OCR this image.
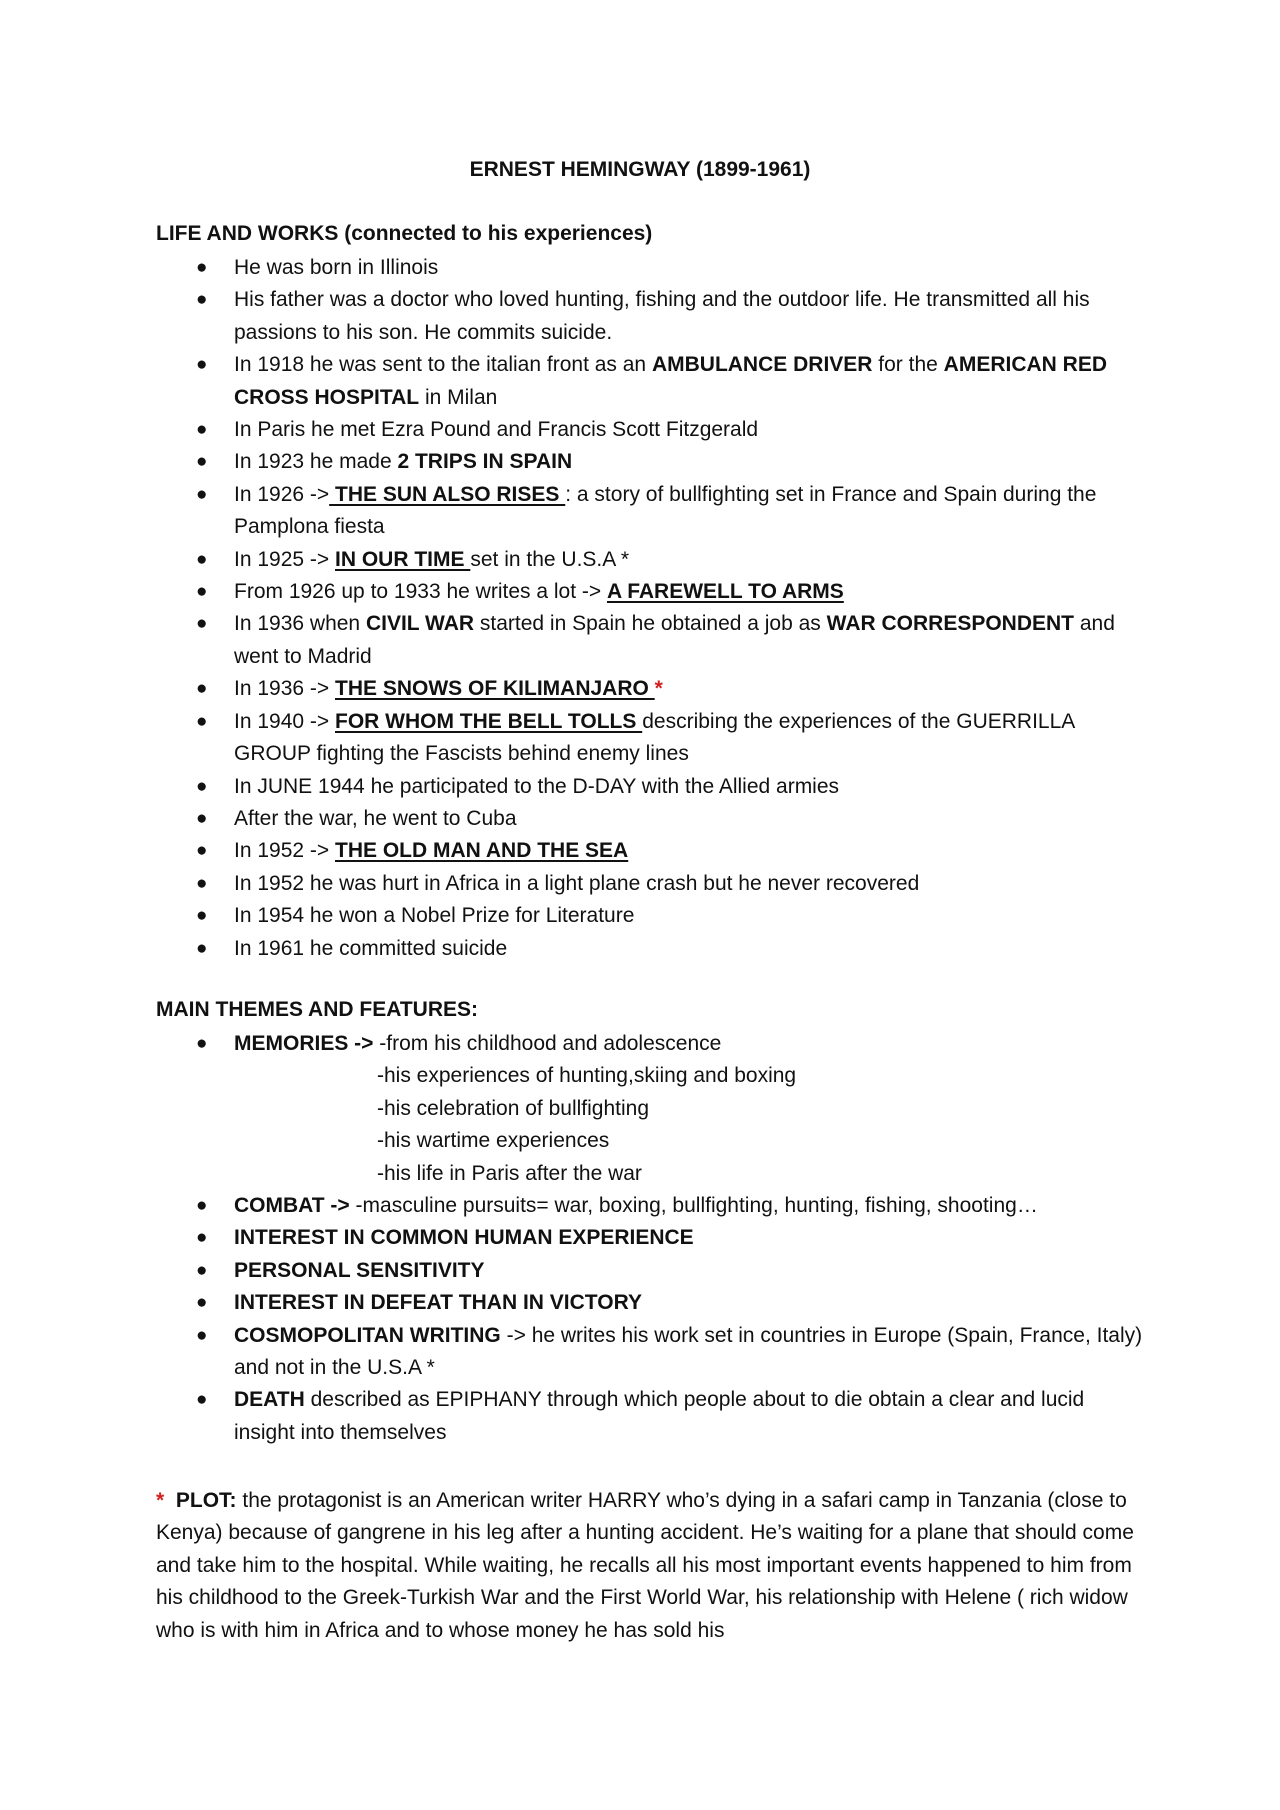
ERNEST HEMINGWAY (1899-1961)
LIFE AND WORKS (connected to his experiences)
● He was born in Illinois
● His father was a doctor who loved hunting, fishing and the outdoor life. He transmitted all his passions to his son. He commits suicide.
● In 1918 he was sent to the italian front as an AMBULANCE DRIVER for the AMERICAN RED CROSS HOSPITAL in Milan
● In Paris he met Ezra Pound and Francis Scott Fitzgerald
● In 1923 he made 2 TRIPS IN SPAIN
● In 1926 -> THE SUN ALSO RISES : a story of bullfighting set in France and Spain during the Pamplona fiesta
● In 1925 -> IN OUR TIME set in the U.S.A *
● From 1926 up to 1933 he writes a lot -> A FAREWELL TO ARMS
● In 1936 when CIVIL WAR started in Spain he obtained a job as WAR CORRESPONDENT and went to Madrid
● In 1936 -> THE SNOWS OF KILIMANJARO *
● In 1940 -> FOR WHOM THE BELL TOLLS describing the experiences of the GUERRILLA GROUP fighting the Fascists behind enemy lines
● In JUNE 1944 he participated to the D-DAY with the Allied armies
● After the war, he went to Cuba
● In 1952 -> THE OLD MAN AND THE SEA
● In 1952 he was hurt in Africa in a light plane crash but he never recovered
● In 1954 he won a Nobel Prize for Literature
● In 1961 he committed suicide
MAIN THEMES AND FEATURES:
● MEMORIES -> -from his childhood and adolescence
-his experiences of hunting,skiing and boxing
-his celebration of bullfighting
-his wartime experiences
-his life in Paris after the war
● COMBAT -> -masculine pursuits= war, boxing, bullfighting, hunting, fishing, shooting…
● INTEREST IN COMMON HUMAN EXPERIENCE
● PERSONAL SENSITIVITY
● INTEREST IN DEFEAT THAN IN VICTORY
● COSMOPOLITAN WRITING -> he writes his work set in countries in Europe (Spain, France, Italy) and not in the U.S.A *
● DEATH described as EPIPHANY through which people about to die obtain a clear and lucid insight into themselves
* PLOT: the protagonist is an American writer HARRY who’s dying in a safari camp in Tanzania (close to Kenya) because of gangrene in his leg after a hunting accident. He’s waiting for a plane that should come and take him to the hospital. While waiting, he recalls all his most important events happened to him from his childhood to the Greek-Turkish War and the First World War, his relationship with Helene ( rich widow who is with him in Africa and to whose money he has sold his
